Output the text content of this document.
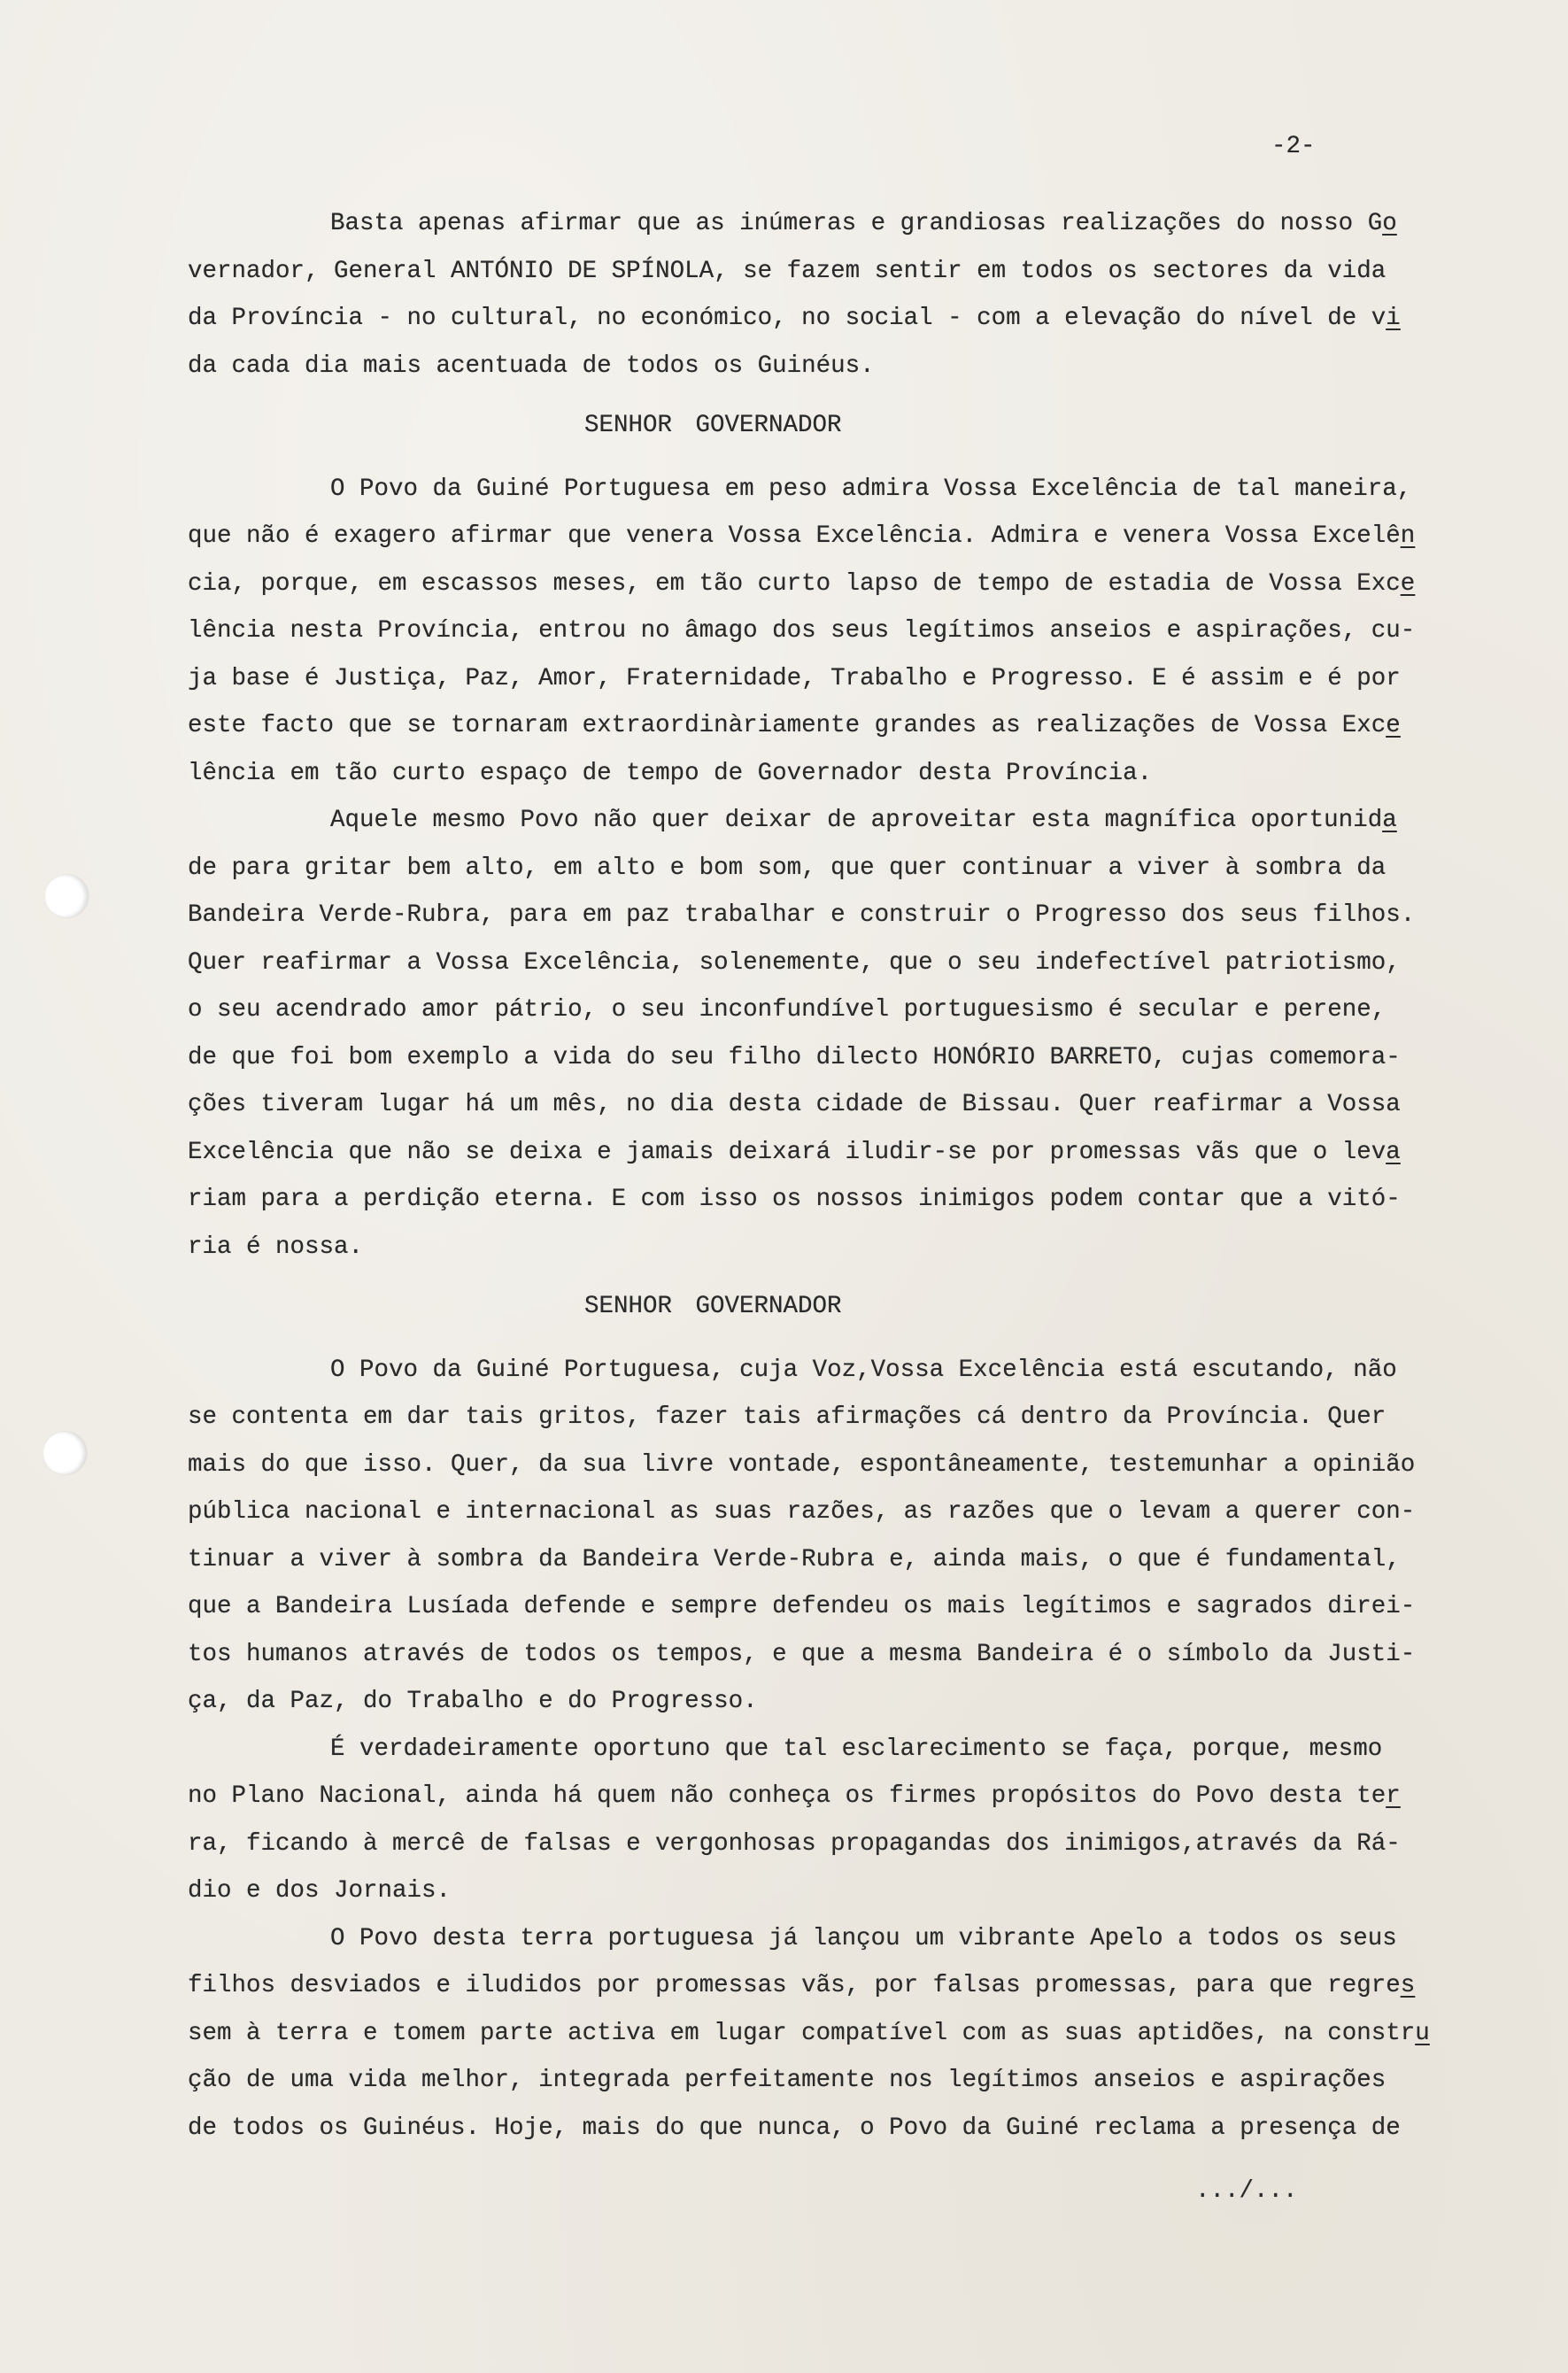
-2-
Basta apenas afirmar que as inúmeras e grandiosas realizações do nosso Go
vernador, General ANTÓNIO DE SPÍNOLA, se fazem sentir em todos os sectores da vida
da Província - no cultural, no económico, no social - com a elevação do nível de vi
da cada dia mais acentuada de todos os Guinéus.
SENHOR GOVERNADOR
O Povo da Guiné Portuguesa em peso admira Vossa Excelência de tal maneira,
que não é exagero afirmar que venera Vossa Excelência. Admira e venera Vossa Excelên
cia, porque, em escassos meses, em tão curto lapso de tempo de estadia de Vossa Exce
lência nesta Província, entrou no âmago dos seus legítimos anseios e aspirações, cu-
ja base é Justiça, Paz, Amor, Fraternidade, Trabalho e Progresso. E é assim e é por
este facto que se tornaram extraordinàriamente grandes as realizações de Vossa Exce
lência em tão curto espaço de tempo de Governador desta Província.
Aquele mesmo Povo não quer deixar de aproveitar esta magnífica oportunida
de para gritar bem alto, em alto e bom som, que quer continuar a viver à sombra da
Bandeira Verde-Rubra, para em paz trabalhar e construir o Progresso dos seus filhos.
Quer reafirmar a Vossa Excelência, solenemente, que o seu indefectível patriotismo,
o seu acendrado amor pátrio, o seu inconfundível portuguesismo é secular e perene,
de que foi bom exemplo a vida do seu filho dilecto HONÓRIO BARRETO, cujas comemora-
ções tiveram lugar há um mês, no dia desta cidade de Bissau. Quer reafirmar a Vossa
Excelência que não se deixa e jamais deixará iludir-se por promessas vãs que o leva
riam para a perdição eterna. E com isso os nossos inimigos podem contar que a vitó-
ria é nossa.
SENHOR GOVERNADOR
O Povo da Guiné Portuguesa, cuja Voz,Vossa Excelência está escutando, não
se contenta em dar tais gritos, fazer tais afirmações cá dentro da Província. Quer
mais do que isso. Quer, da sua livre vontade, espontâneamente, testemunhar a opinião
pública nacional e internacional as suas razões, as razões que o levam a querer con-
tinuar a viver à sombra da Bandeira Verde-Rubra e, ainda mais, o que é fundamental,
que a Bandeira Lusíada defende e sempre defendeu os mais legítimos e sagrados direi-
tos humanos através de todos os tempos, e que a mesma Bandeira é o símbolo da Justi-
ça, da Paz, do Trabalho e do Progresso.
É verdadeiramente oportuno que tal esclarecimento se faça, porque, mesmo
no Plano Nacional, ainda há quem não conheça os firmes propósitos do Povo desta ter
ra, ficando à mercê de falsas e vergonhosas propagandas dos inimigos,através da Rá-
dio e dos Jornais.
O Povo desta terra portuguesa já lançou um vibrante Apelo a todos os seus
filhos desviados e iludidos por promessas vãs, por falsas promessas, para que regres
sem à terra e tomem parte activa em lugar compatível com as suas aptidões, na constru
ção de uma vida melhor, integrada perfeitamente nos legítimos anseios e aspirações
de todos os Guinéus. Hoje, mais do que nunca, o Povo da Guiné reclama a presença de
.../...
